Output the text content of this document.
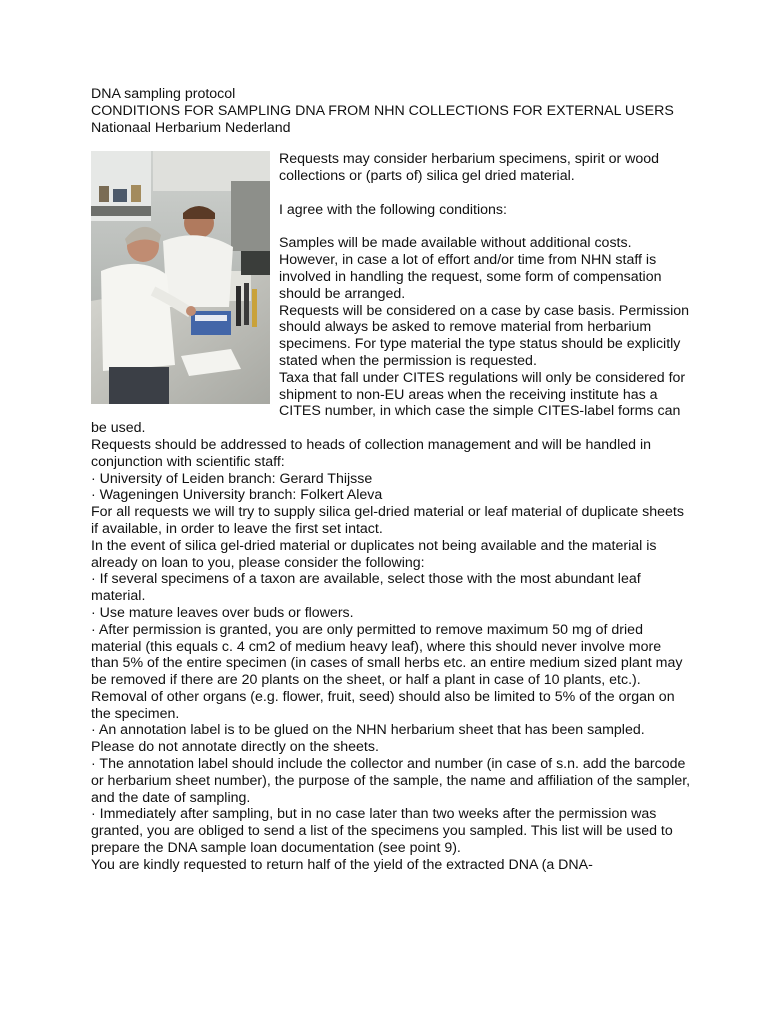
DNA sampling protocol
CONDITIONS FOR SAMPLING DNA FROM NHN COLLECTIONS FOR EXTERNAL USERS
Nationaal Herbarium Nederland

Requests may consider herbarium specimens, spirit or wood collections or (parts of) silica gel dried material.

I agree with the following conditions:

Samples will be made available without additional costs. However, in case a lot of effort and/or time from NHN staff is involved in handling the request, some form of compensation should be arranged.

Requests will be considered on a case by case basis. Permission should always be asked to remove material from herbarium specimens. For type material the type status should be explicitly stated when the permission is requested.

Taxa that fall under CITES regulations will only be considered for shipment to non-EU areas when the receiving institute has a CITES number, in which case the simple CITES-label forms can be used.

Requests should be addressed to heads of collection management and will be handled in conjunction with scientific staff:

· University of Leiden branch: Gerard Thijsse

· Wageningen University branch: Folkert Aleva

For all requests we will try to supply silica gel-dried material or leaf material of duplicate sheets if available, in order to leave the first set intact.

In the event of silica gel-dried material or duplicates not being available and the material is already on loan to you, please consider the following:

· If several specimens of a taxon are available, select those with the most abundant leaf material.

· Use mature leaves over buds or flowers.

· After permission is granted, you are only permitted to remove maximum 50 mg of dried material (this equals c. 4 cm2 of medium heavy leaf), where this should never involve more than 5% of the entire specimen (in cases of small herbs etc. an entire medium sized plant may be removed if there are 20 plants on the sheet, or half a plant in case of 10 plants, etc.). Removal of other organs (e.g. flower, fruit, seed) should also be limited to 5% of the organ on the specimen.

· An annotation label is to be glued on the NHN herbarium sheet that has been sampled. Please do not annotate directly on the sheets.

· The annotation label should include the collector and number (in case of s.n. add the barcode or herbarium sheet number), the purpose of the sample, the name and affiliation of the sampler, and the date of sampling.

· Immediately after sampling, but in no case later than two weeks after the permission was granted, you are obliged to send a list of the specimens you sampled. This list will be used to prepare the DNA sample loan documentation (see point 9).

You are kindly requested to return half of the yield of the extracted DNA (a DNA-
